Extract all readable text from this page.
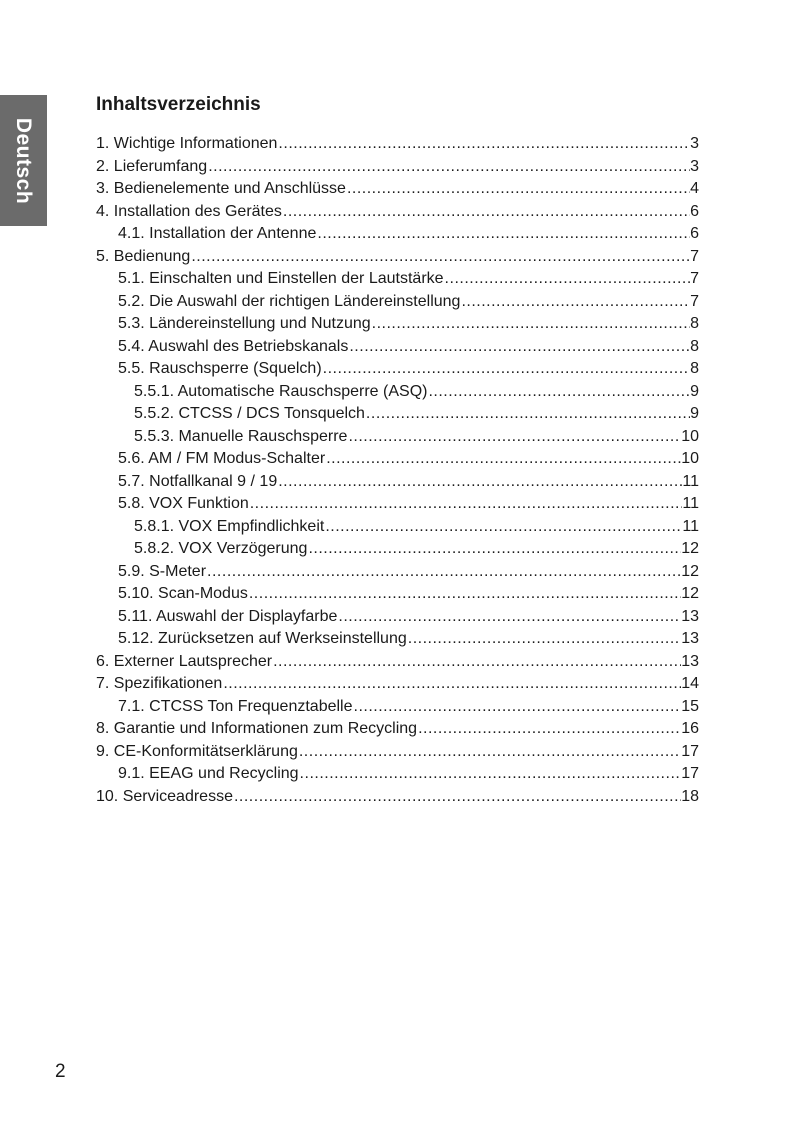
Deutsch
Inhaltsverzeichnis
1. Wichtige Informationen .....	3
2. Lieferumfang .....	3
3. Bedienelemente und Anschlüsse .....	4
4. Installation des Gerätes .....	6
4.1. Installation der Antenne .....	6
5. Bedienung .....	7
5.1. Einschalten und Einstellen der Lautstärke .....	7
5.2. Die Auswahl der richtigen Ländereinstellung .....	7
5.3. Ländereinstellung und Nutzung .....	8
5.4. Auswahl des Betriebskanals .....	8
5.5. Rauschsperre (Squelch) .....	8
5.5.1. Automatische Rauschsperre (ASQ) .....	9
5.5.2. CTCSS / DCS Tonsquelch .....	9
5.5.3. Manuelle Rauschsperre .....	10
5.6. AM / FM Modus-Schalter .....	10
5.7. Notfallkanal 9 / 19 .....	11
5.8. VOX Funktion .....	11
5.8.1. VOX Empfindlichkeit .....	11
5.8.2. VOX Verzögerung .....	12
5.9. S-Meter .....	12
5.10. Scan-Modus .....	12
5.11. Auswahl der Displayfarbe .....	13
5.12. Zurücksetzen auf Werkseinstellung .....	13
6. Externer Lautsprecher .....	13
7. Spezifikationen .....	14
7.1. CTCSS Ton Frequenztabelle .....	15
8. Garantie und Informationen zum Recycling .....	16
9. CE-Konformitätserklärung .....	17
9.1. EEAG und Recycling .....	17
10. Serviceadresse .....	18
2
